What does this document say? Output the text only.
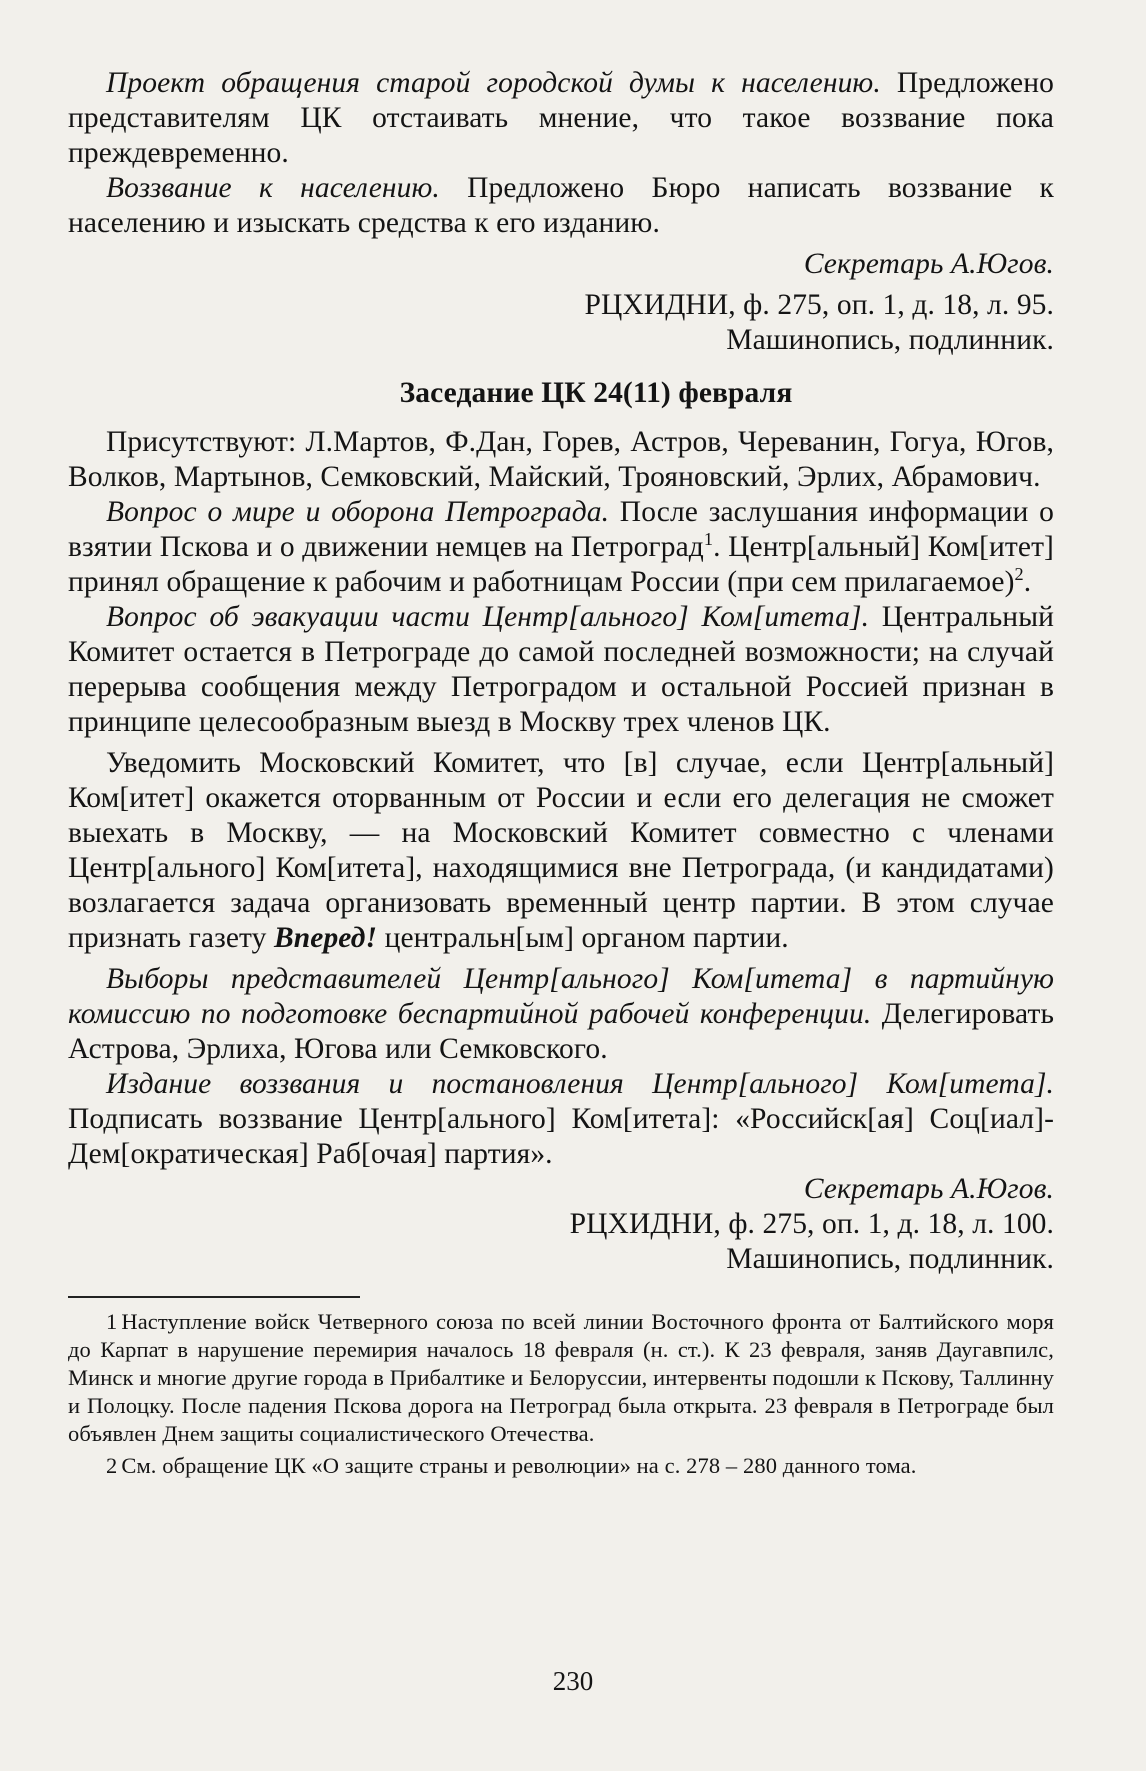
Проект обращения старой городской думы к населению. Предложено представителям ЦК отстаивать мнение, что такое воззвание пока преждевременно.

Воззвание к населению. Предложено Бюро написать воззвание к населению и изыскать средства к его изданию.

Секретарь А.Югов.

РЦХИДНИ, ф. 275, оп. 1, д. 18, л. 95.

Машинопись, подлинник.

Заседание ЦК 24(11) февраля

Присутствуют: Л.Мартов, Ф.Дан, Горев, Астров, Череванин, Гогуа, Югов, Волков, Мартынов, Семковский, Майский, Трояновский, Эрлих, Абрамович.

Вопрос о мире и оборона Петрограда. После заслушания информации о взятии Пскова и о движении немцев на Петроград$^1$. Центр[альный] Ком[итет] принял обращение к рабочим и работницам России (при сем прилагаемое)$^2$.

Вопрос об эвакуации части Центр[ального] Ком[итета]. Центральный Комитет остается в Петрограде до самой последней возможности; на случай перерыва сообщения между Петроградом и остальной Россией признан в принципе целесообразным выезд в Москву трех членов ЦК.

Уведомить Московский Комитет, что [в] случае, если Центр[альный] Ком[итет] окажется оторванным от России и если его делегация не сможет выехать в Москву, — на Московский Комитет совместно с членами Центр[ального] Ком[итета], находящимися вне Петрограда, (и кандидатами) возлагается задача организовать временный центр партии. В этом случае признать газету Вперед! центральн[ым] органом партии.

Выборы представителей Центр[ального] Ком[итета] в партийную комиссию по подготовке беспартийной рабочей конференции. Делегировать Астрова, Эрлиха, Югова или Семковского.

Издание воззвания и постановления Центр[ального] Ком[итета]. Подписать воззвание Центр[ального] Ком[итета]: «Российск[ая] Соц[иал]-Дем[ократическая] Раб[очая] партия».

Секретарь А.Югов.

РЦХИДНИ, ф. 275, оп. 1, д. 18, л. 100.

Машинопись, подлинник.

1 Наступление войск Четверного союза по всей линии Восточного фронта от Балтийского моря до Карпат в нарушение перемирия началось 18 февраля (н. ст.). К 23 февраля, заняв Даугавпилс, Минск и многие другие города в Прибалтике и Белоруссии, интервенты подошли к Пскову, Таллинну и Полоцку. После падения Пскова дорога на Петроград была открыта. 23 февраля в Петрограде был объявлен Днем защиты социалистического Отечества.

2 См. обращение ЦК «О защите страны и революции» на с. 278 – 280 данного тома.

230
